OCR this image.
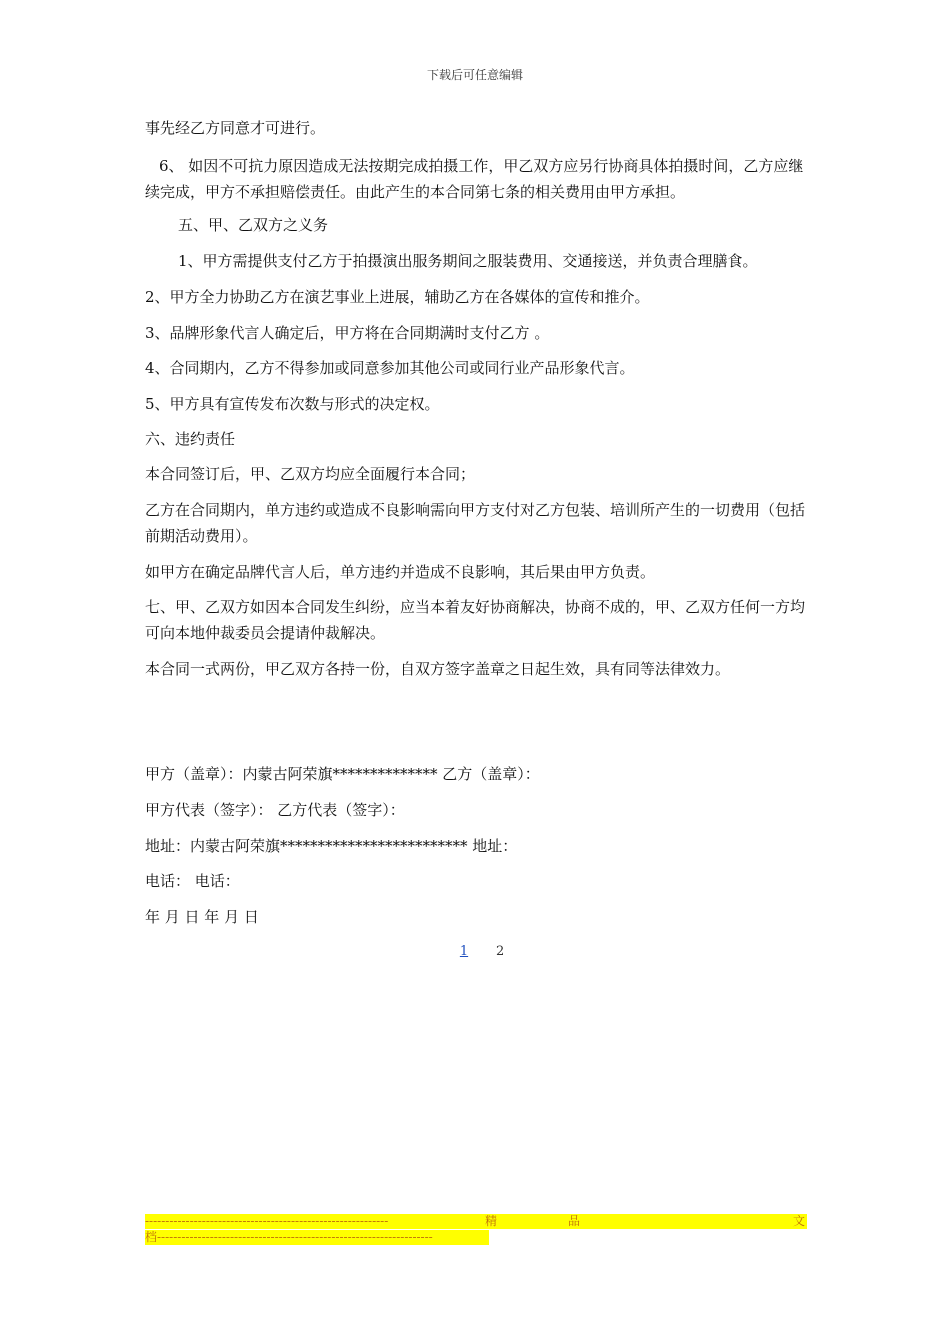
下载后可任意编辑
事先经乙方同意才可进行。
6、 如因不可抗力原因造成无法按期完成拍摄工作，甲乙双方应另行协商具体拍摄时间，乙方应继续完成，甲方不承担赔偿责任。由此产生的本合同第七条的相关费用由甲方承担。
五、甲、乙双方之义务
1、甲方需提供支付乙方于拍摄演出服务期间之服装费用、交通接送，并负责合理膳食。
2、甲方全力协助乙方在演艺事业上进展，辅助乙方在各媒体的宣传和推介。
3、品牌形象代言人确定后，甲方将在合同期满时支付乙方 。
4、合同期内，乙方不得参加或同意参加其他公司或同行业产品形象代言。
5、甲方具有宣传发布次数与形式的决定权。
六、违约责任
本合同签订后，甲、乙双方均应全面履行本合同；
乙方在合同期内，单方违约或造成不良影响需向甲方支付对乙方包装、培训所产生的一切费用（包括前期活动费用）。
如甲方在确定品牌代言人后，单方违约并造成不良影响，其后果由甲方负责。
七、甲、乙双方如因本合同发生纠纷，应当本着友好协商解决，协商不成的，甲、乙双方任何一方均可向本地仲裁委员会提请仲裁解决。
本合同一式两份，甲乙双方各持一份，自双方签字盖章之日起生效，具有同等法律效力。
甲方（盖章）：内蒙古阿荣旗************** 乙方（盖章）：
甲方代表（签字）： 乙方代表（签字）：
地址：内蒙古阿荣旗************************* 地址：
电话： 电话：
年 月 日 年 月 日
1 2
------------------------------------------------------------	精	品	文
档 --------------------------------------------------------------------
